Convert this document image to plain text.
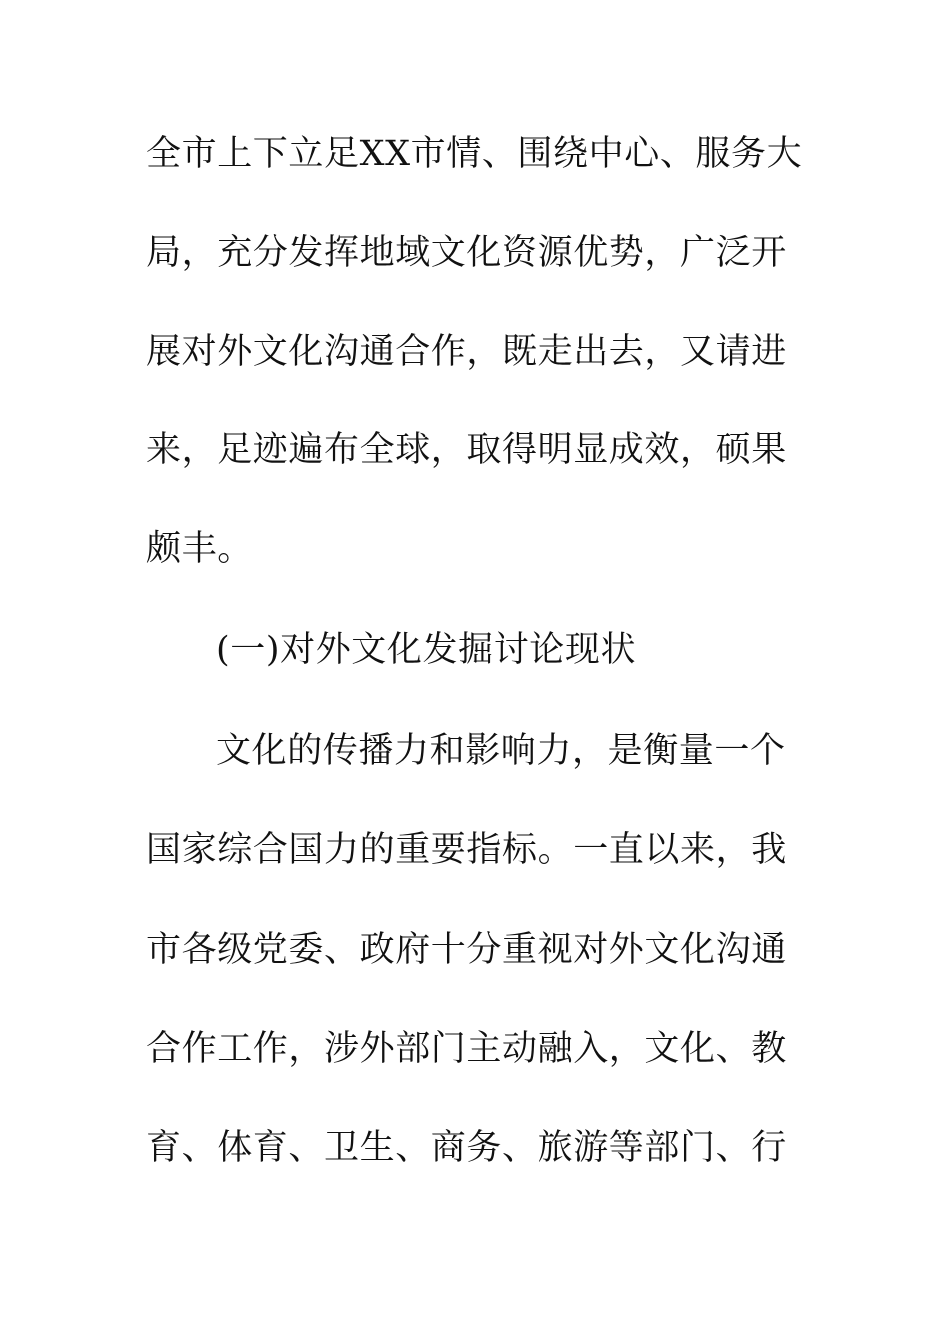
全市上下立足XX市情、围绕中心、服务大
局，充分发挥地域文化资源优势，广泛开
展对外文化沟通合作，既走出去，又请进
来，足迹遍布全球，取得明显成效，硕果
颇丰。
(一)对外文化发掘讨论现状
文化的传播力和影响力，是衡量一个
国家综合国力的重要指标。一直以来，我
市各级党委、政府十分重视对外文化沟通
合作工作，涉外部门主动融入，文化、教
育、体育、卫生、商务、旅游等部门、行
